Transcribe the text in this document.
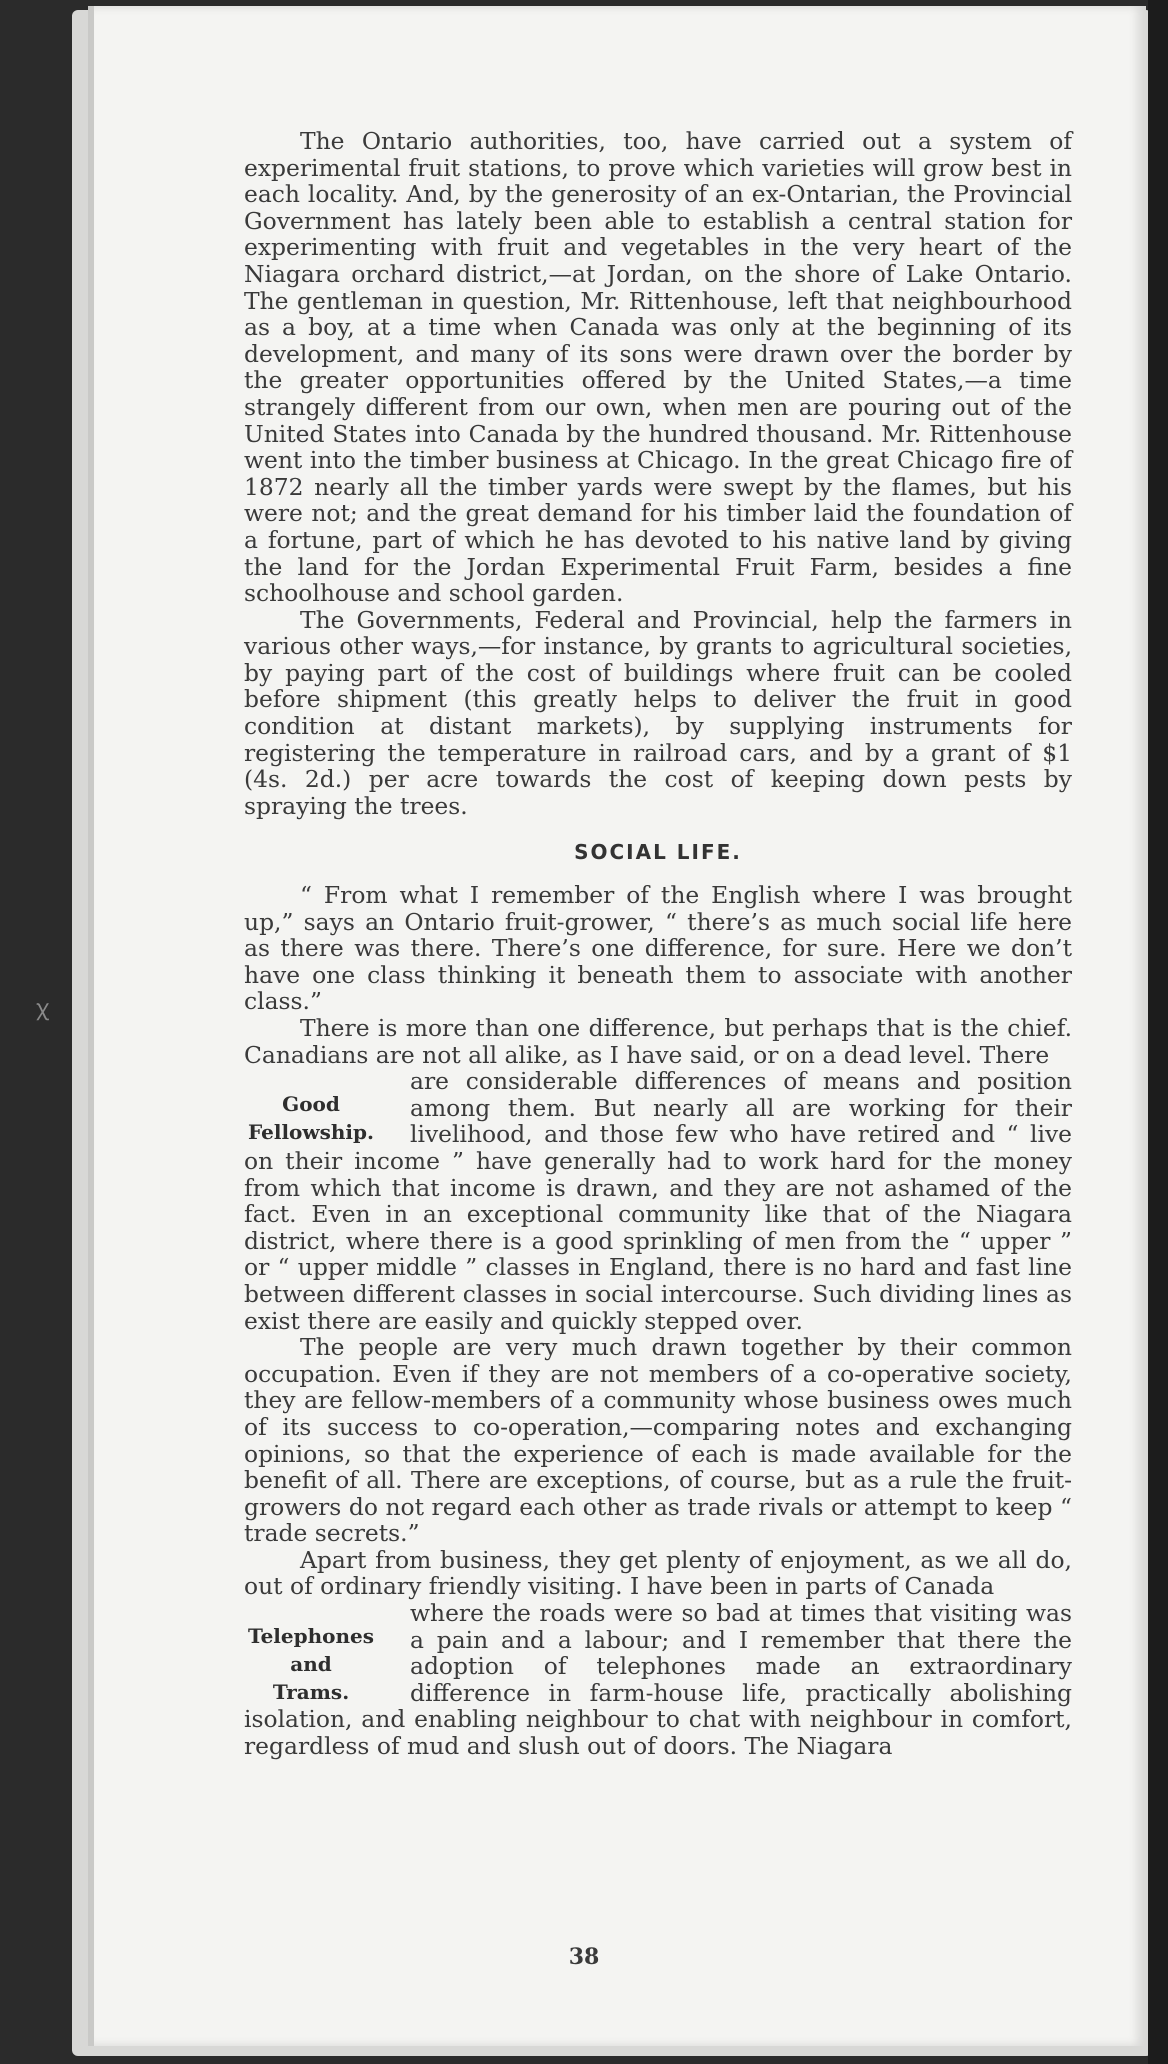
ꭓ

The Ontario authorities, too, have carried out a system of experimental fruit stations, to prove which varieties will grow best in each locality. And, by the generosity of an ex-Ontarian, the Provincial Government has lately been able to establish a central station for experimenting with fruit and vegetables in the very heart of the Niagara orchard district,—at Jordan, on the shore of Lake Ontario. The gentleman in question, Mr. Rittenhouse, left that neighbourhood as a boy, at a time when Canada was only at the beginning of its development, and many of its sons were drawn over the border by the greater opportunities offered by the United States,—a time strangely different from our own, when men are pouring out of the United States into Canada by the hundred thousand. Mr. Rittenhouse went into the timber business at Chicago. In the great Chicago fire of 1872 nearly all the timber yards were swept by the flames, but his were not; and the great demand for his timber laid the foundation of a fortune, part of which he has devoted to his native land by giving the land for the Jordan Experimental Fruit Farm, besides a fine schoolhouse and school garden.

The Governments, Federal and Provincial, help the farmers in various other ways,—for instance, by grants to agricultural societies, by paying part of the cost of buildings where fruit can be cooled before shipment (this greatly helps to deliver the fruit in good condition at distant markets), by supplying instruments for registering the temperature in railroad cars, and by a grant of $1 (4s. 2d.) per acre towards the cost of keeping down pests by spraying the trees.

SOCIAL LIFE.

“ From what I remember of the English where I was brought up,” says an Ontario fruit-grower, “ there’s as much social life here as there was there. There’s one difference, for sure. Here we don’t have one class thinking it beneath them to associate with another class.”

There is more than one difference, but perhaps that is the chief. Canadians are not all alike, as I have said, or on a dead level. There

Good
Fellowship.

are considerable differences of means and position among them. But nearly all are working for their livelihood, and those few who have retired and “ live on their income ” have generally had to work hard for the money from which that income is drawn, and they are not ashamed of the fact. Even in an exceptional community like that of the Niagara district, where there is a good sprinkling of men from the “ upper ” or “ upper middle ” classes in England, there is no hard and fast line between different classes in social intercourse. Such dividing lines as exist there are easily and quickly stepped over.

The people are very much drawn together by their common occupation. Even if they are not members of a co-operative society, they are fellow-members of a community whose business owes much of its success to co-operation,—comparing notes and exchanging opinions, so that the experience of each is made available for the benefit of all. There are exceptions, of course, but as a rule the fruit-growers do not regard each other as trade rivals or attempt to keep “ trade secrets.”

Apart from business, they get plenty of enjoyment, as we all do, out of ordinary friendly visiting. I have been in parts of Canada

Telephones
and
Trams.

where the roads were so bad at times that visiting was a pain and a labour; and I remember that there the adoption of telephones made an extraordinary difference in farm-house life, practically abolishing isolation, and enabling neighbour to chat with neighbour in comfort, regardless of mud and slush out of doors. The Niagara

38
